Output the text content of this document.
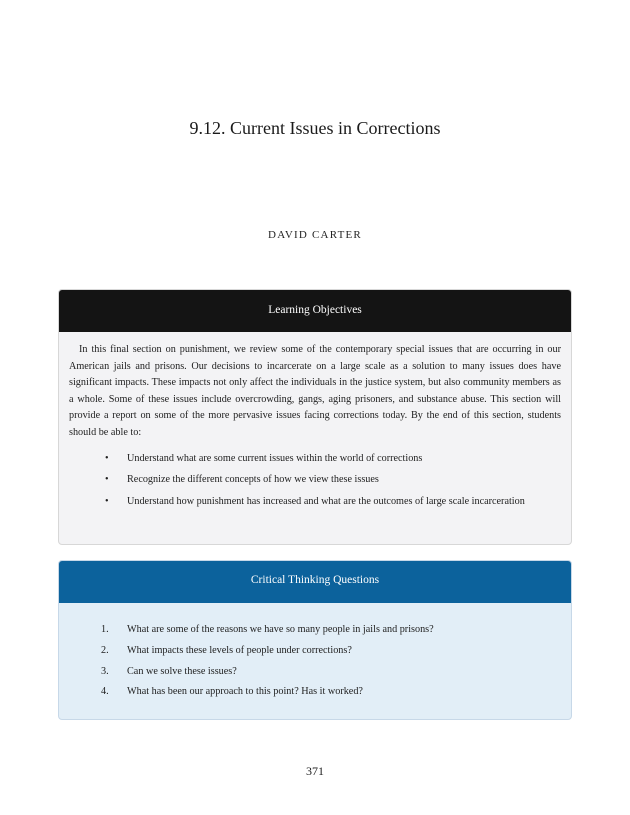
9.12. Current Issues in Corrections
DAVID CARTER
Learning Objectives

In this final section on punishment, we review some of the contemporary special issues that are occurring in our American jails and prisons. Our decisions to incarcerate on a large scale as a solution to many issues does have significant impacts. These impacts not only affect the individuals in the justice system, but also community members as a whole. Some of these issues include overcrowding, gangs, aging prisoners, and substance abuse. This section will provide a report on some of the more pervasive issues facing corrections today. By the end of this section, students should be able to:

• Understand what are some current issues within the world of corrections
• Recognize the different concepts of how we view these issues
• Understand how punishment has increased and what are the outcomes of large scale incarceration
Critical Thinking Questions
1. What are some of the reasons we have so many people in jails and prisons?
2. What impacts these levels of people under corrections?
3. Can we solve these issues?
4. What has been our approach to this point? Has it worked?
371
